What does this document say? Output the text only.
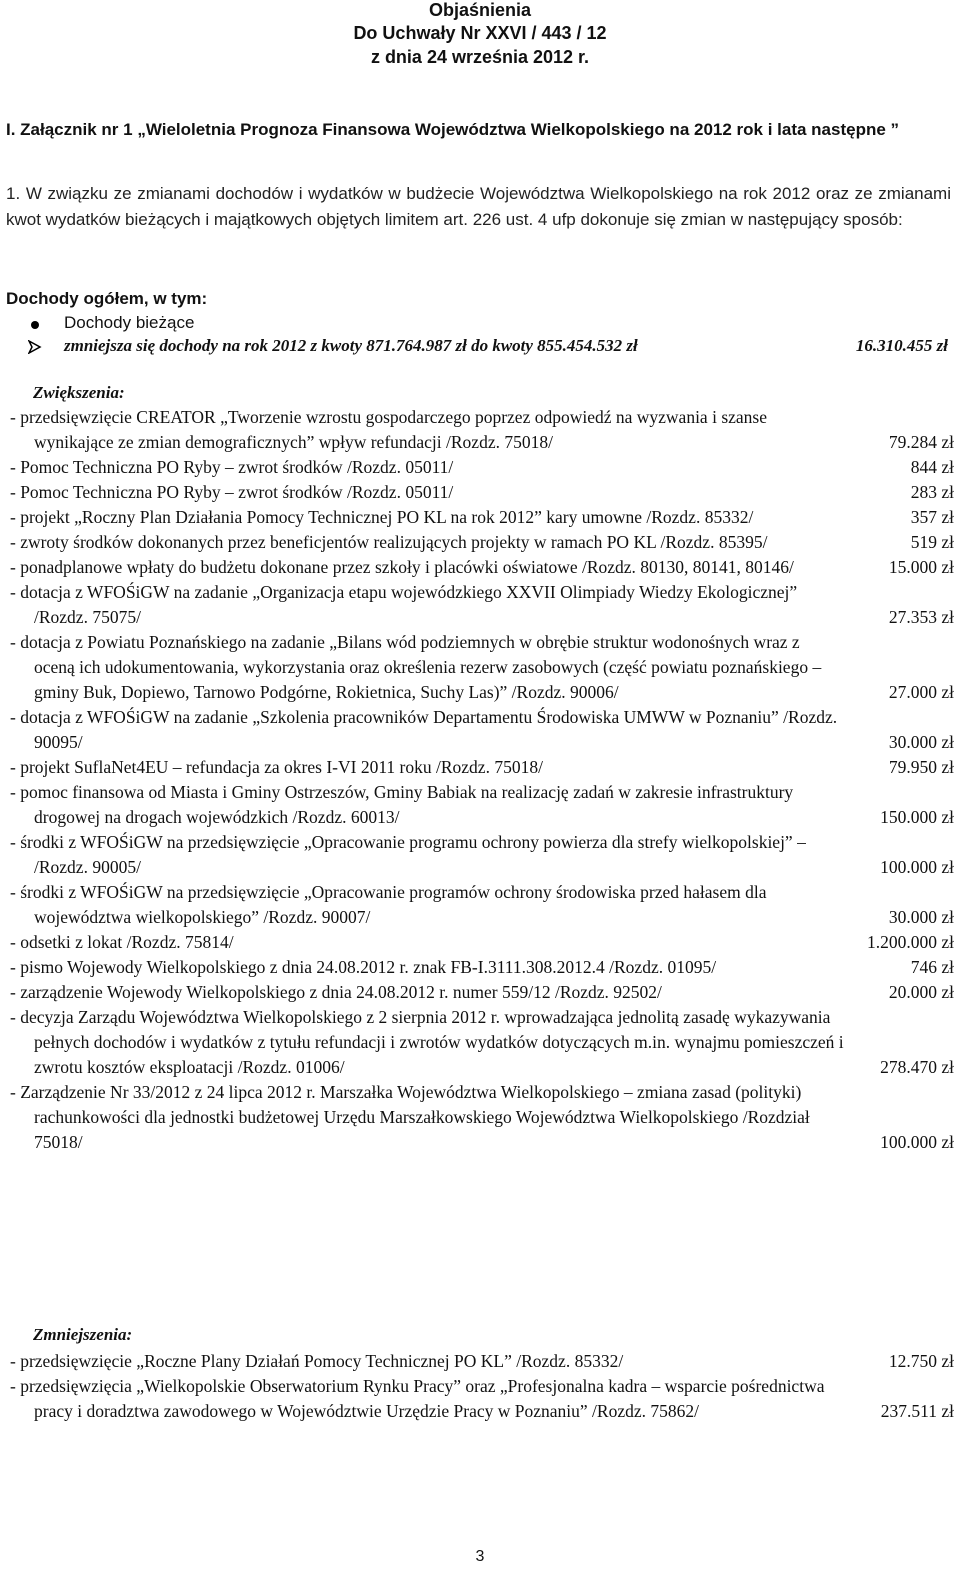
Objaśnienia
Do Uchwały Nr XXVI / 443 / 12
z dnia 24 września 2012 r.
I. Załącznik nr 1 „Wieloletnia Prognoza Finansowa Województwa Wielkopolskiego na 2012 rok i lata następne ”
1. W związku ze zmianami dochodów i wydatków w budżecie Województwa Wielkopolskiego na rok 2012 oraz ze zmianami kwot wydatków bieżących i majątkowych objętych limitem art. 226 ust. 4 ufp dokonuje się zmian w następujący sposób:
Dochody ogółem, w tym:
Dochody bieżące
zmniejsza się dochody na rok 2012 z kwoty 871.764.987 zł do kwoty 855.454.532 zł	16.310.455 zł
Zwiększenia:
- przedsięwzięcie CREATOR „Tworzenie wzrostu gospodarczego poprzez odpowiedź na wyzwania i szanse wynikające ze zmian demograficznych” wpływ refundacji /Rozdz. 75018/	79.284 zł
- Pomoc Techniczna PO Ryby – zwrot środków /Rozdz. 05011/	844 zł
- Pomoc Techniczna PO Ryby – zwrot środków /Rozdz. 05011/	283 zł
- projekt „Roczny Plan Działania Pomocy Technicznej PO KL na rok 2012” kary umowne /Rozdz. 85332/	357 zł
- zwroty środków dokonanych przez beneficjentów realizujących projekty w ramach PO KL /Rozdz. 85395/	519 zł
- ponadplanowe wpłaty do budżetu dokonane przez szkoły i placówki oświatowe /Rozdz. 80130, 80141, 80146/	15.000 zł
- dotacja z WFOŚiGW na zadanie „Organizacja etapu wojewódzkiego XXVII Olimpiady Wiedzy Ekologicznej” /Rozdz. 75075/	27.353 zł
- dotacja z Powiatu Poznańskiego na zadanie „Bilans wód podziemnych w obrębie struktur wodonośnych wraz z oceną ich udokumentowania, wykorzystania oraz określenia rezerw zasobowych (część powiatu poznańskiego – gminy Buk, Dopiewo, Tarnowo Podgórne, Rokietnica, Suchy Las)” /Rozdz. 90006/	27.000 zł
- dotacja z WFOŚiGW na zadanie „Szkolenia pracowników Departamentu Środowiska UMWW w Poznaniu” /Rozdz. 90095/	30.000 zł
- projekt SuflaNet4EU – refundacja za okres I-VI 2011 roku /Rozdz. 75018/	79.950 zł
- pomoc finansowa od Miasta i Gminy Ostrzeszów, Gminy Babiak na realizację zadań w zakresie infrastruktury drogowej na drogach wojewódzkich /Rozdz. 60013/	150.000 zł
- środki z WFOŚiGW na przedsięwzięcie „Opracowanie programu ochrony powierza dla strefy wielkopolskiej” – /Rozdz. 90005/	100.000 zł
- środki z WFOŚiGW na przedsięwzięcie „Opracowanie programów ochrony środowiska przed hałasem dla województwa wielkopolskiego” /Rozdz. 90007/	30.000 zł
- odsetki z lokat /Rozdz. 75814/	1.200.000 zł
- pismo Wojewody Wielkopolskiego z dnia 24.08.2012 r. znak FB-I.3111.308.2012.4 /Rozdz. 01095/	746 zł
- zarządzenie Wojewody Wielkopolskiego z dnia 24.08.2012 r. numer 559/12 /Rozdz. 92502/	20.000 zł
- decyzja Zarządu Województwa Wielkopolskiego z 2 sierpnia 2012 r. wprowadzająca jednolitą zasadę wykazywania pełnych dochodów i wydatków z tytułu refundacji i zwrotów wydatków dotyczących m.in. wynajmu pomieszczeń i zwrotu kosztów eksploatacji /Rozdz. 01006/	278.470 zł
- Zarządzenie Nr 33/2012 z 24 lipca 2012 r. Marszałka Województwa Wielkopolskiego – zmiana zasad (polityki) rachunkowości dla jednostki budżetowej Urzędu Marszałkowskiego Województwa Wielkopolskiego /Rozdział 75018/	100.000 zł
Zmniejszenia:
- przedsięwzięcie „Roczne Plany Działań Pomocy Technicznej PO KL” /Rozdz. 85332/	12.750 zł
- przedsięwzięcia „Wielkopolskie Obserwatorium Rynku Pracy” oraz „Profesjonalna kadra – wsparcie pośrednictwa pracy i doradztwa zawodowego w Województwie Urzędzie Pracy w Poznaniu” /Rozdz. 75862/	237.511 zł
3
